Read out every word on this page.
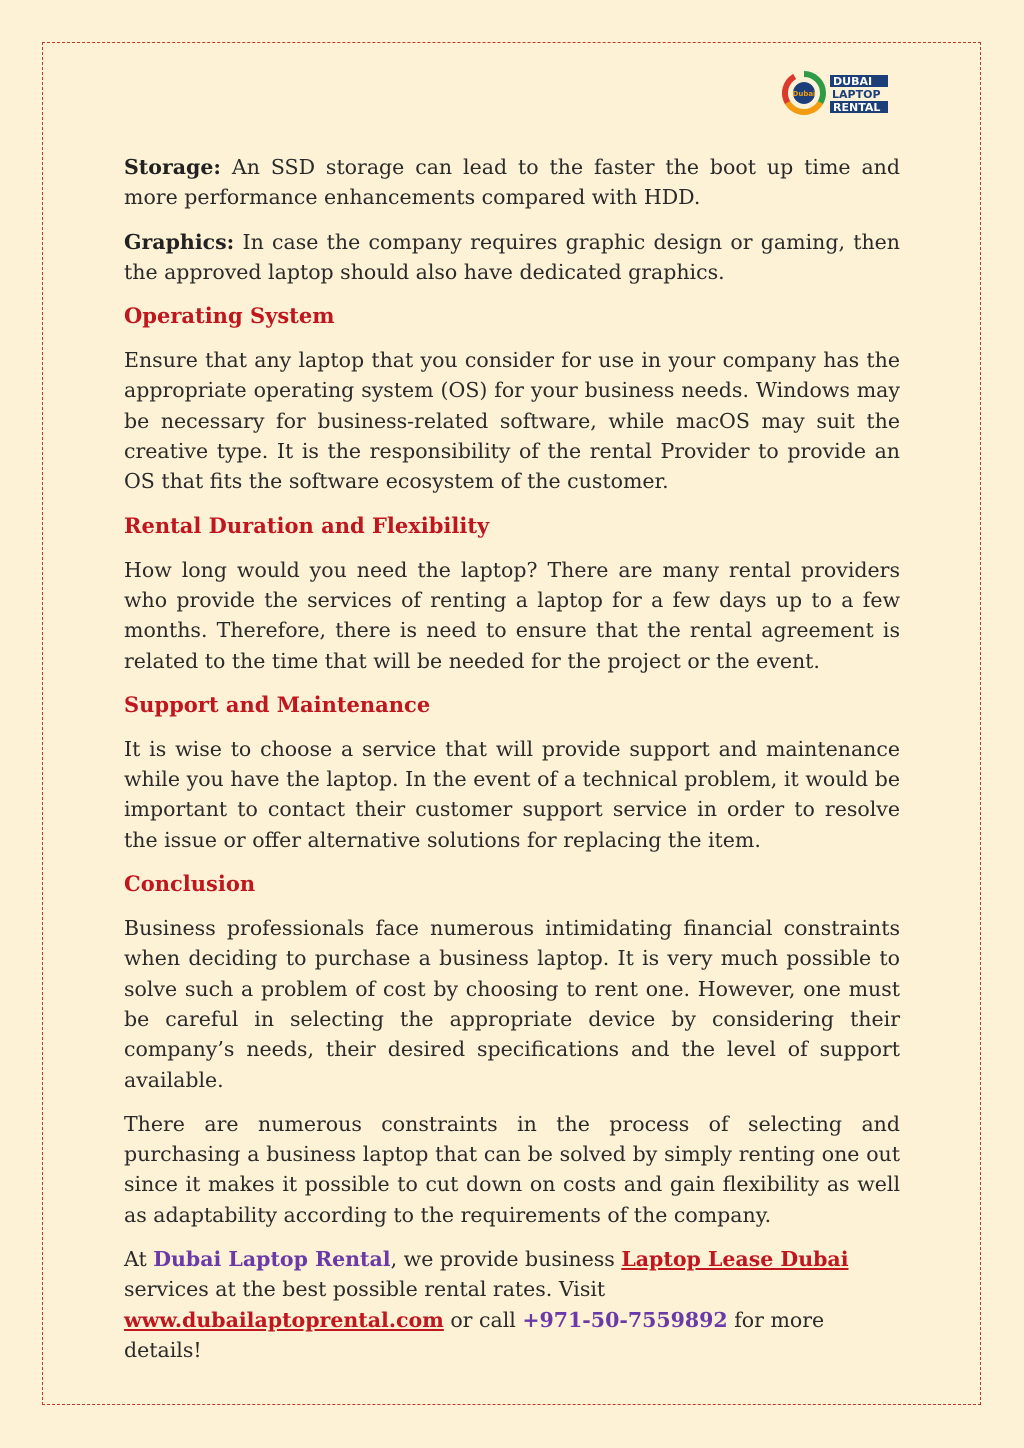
Dubai
DUBAI
LAPTOP
RENTAL

Storage: An SSD storage can lead to the faster the boot up time and more performance enhancements compared with HDD.

Graphics: In case the company requires graphic design or gaming, then the approved laptop should also have dedicated graphics.

Operating System

Ensure that any laptop that you consider for use in your company has the appropriate operating system (OS) for your business needs. Windows may be necessary for business-related software, while macOS may suit the creative type. It is the responsibility of the rental Provider to provide an OS that fits the software ecosystem of the customer.

Rental Duration and Flexibility

How long would you need the laptop? There are many rental providers who provide the services of renting a laptop for a few days up to a few months. Therefore, there is need to ensure that the rental agreement is related to the time that will be needed for the project or the event.

Support and Maintenance

It is wise to choose a service that will provide support and maintenance while you have the laptop. In the event of a technical problem, it would be important to contact their customer support service in order to resolve the issue or offer alternative solutions for replacing the item.

Conclusion

Business professionals face numerous intimidating financial constraints when deciding to purchase a business laptop. It is very much possible to solve such a problem of cost by choosing to rent one. However, one must be careful in selecting the appropriate device by considering their company’s needs, their desired specifications and the level of support available.

There are numerous constraints in the process of selecting and purchasing a business laptop that can be solved by simply renting one out since it makes it possible to cut down on costs and gain flexibility as well as adaptability according to the requirements of the company.

At Dubai Laptop Rental, we provide business Laptop Lease Dubai services at the best possible rental rates. Visit www.dubailaptoprental.com or call +971-50-7559892 for more details!
